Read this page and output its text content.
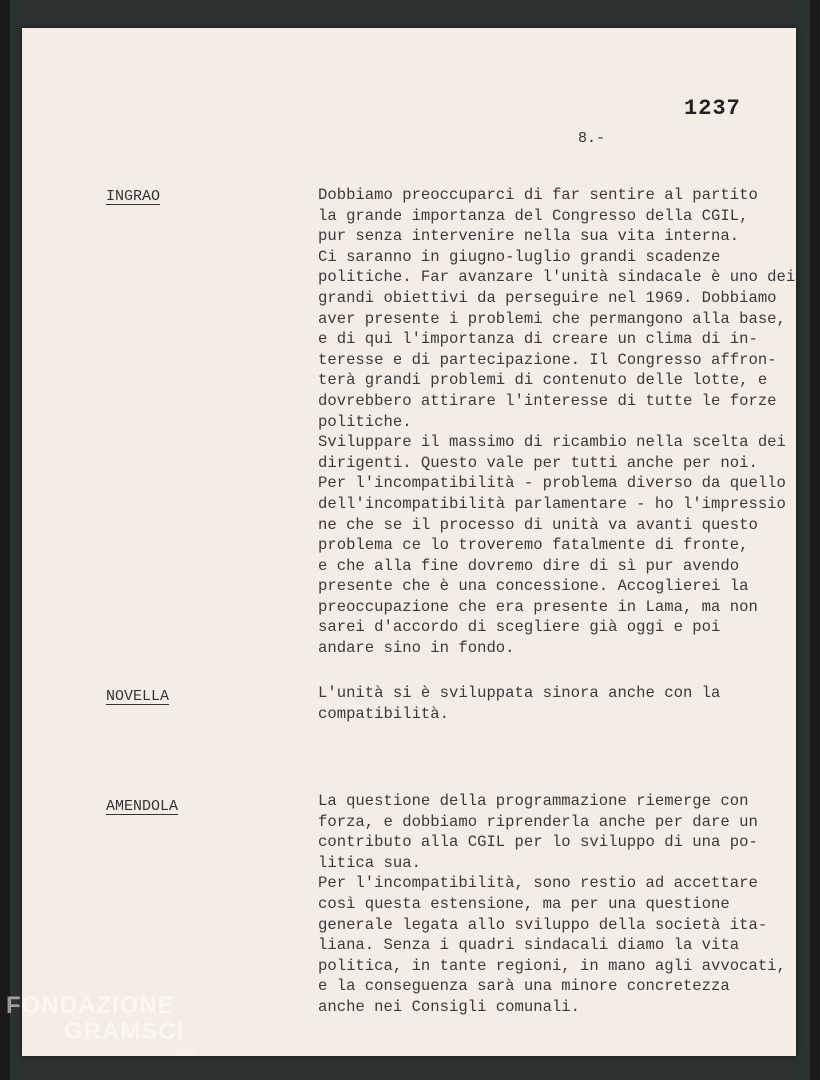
1237
8.-
INGRAO	Dobbiamo preoccuparci di far sentire al partito
la grande importanza del Congresso della CGIL,
pur senza intervenire nella sua vita interna.
Ci saranno in giugno-luglio grandi scadenze
politiche. Far avanzare l'unità sindacale è uno dei
grandi obiettivi da perseguire nel 1969. Dobbiamo
aver presente i problemi che permangono alla base,
e di qui l'importanza di creare un clima di in-
teresse e di partecipazione. Il Congresso affron-
terà grandi problemi di contenuto delle lotte, e
dovrebbero attirare l'interesse di tutte le forze
politiche.
Sviluppare il massimo di ricambio nella scelta dei
dirigenti. Questo vale per tutti anche per noi.
Per l'incompatibilità - problema diverso da quello
dell'incompatibilità parlamentare - ho l'impressio
ne che se il processo di unità va avanti questo
problema ce lo troveremo fatalmente di fronte,
e che alla fine dovremo dire di sì pur avendo
presente che è una concessione. Accoglierei la
preoccupazione che era presente in Lama, ma non
sarei d'accordo di scegliere già oggi e poi
andare sino in fondo.
NOVELLA	L'unità si è sviluppata sinora anche con la
compatibilità.
AMENDOLA	La questione della programmazione riemerge con
forza, e dobbiamo riprenderla anche per dare un
contributo alla CGIL per lo sviluppo di una po-
litica sua.
Per l'incompatibilità, sono restio ad accettare
così questa estensione, ma per una questione
generale legata allo sviluppo della società ita-
liana. Senza i quadri sindacali diamo la vita
politica, in tante regioni, in mano agli avvocati,
e la conseguenza sarà una minore concretezza
anche nei Consigli comunali.
FONDAZIONE
GRAMSCI
onlus
